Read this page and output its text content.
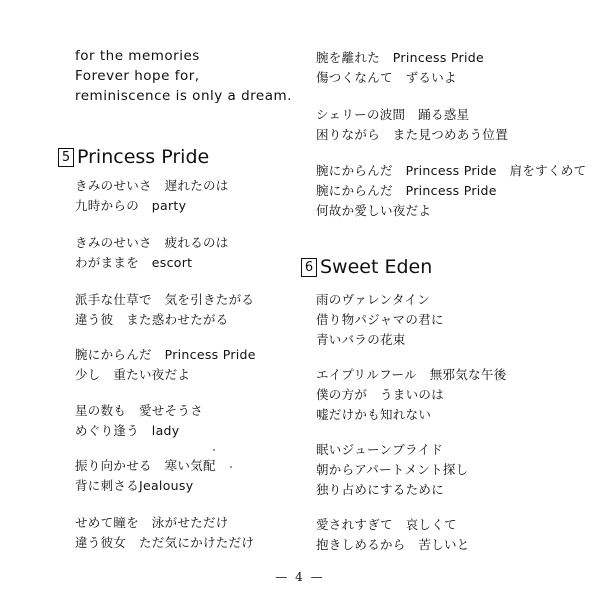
for the memories
Forever hope for,
reminiscence is only a dream.
5 Princess Pride
きみのせいさ　遅れたのは
九時からの　party
きみのせいさ　疲れるのは
わがままを　escort
派手な仕草で　気を引きたがる
違う彼　また惑わせたがる
腕にからんだ　Princess Pride
少し　重たい夜だよ
星の数も　愛せそうさ
めぐり逢う　lady
振り向かせる　寒い気配
背に刺さるJealousy
せめて瞳を　泳がせただけ
違う彼女　ただ気にかけただけ
腕を離れた　Princess Pride
傷つくなんて　ずるいよ
シェリーの波間　踊る惑星
困りながら　また見つめあう位置
腕にからんだ　Princess Pride　肩をすくめて
腕にからんだ　Princess Pride
何故か愛しい夜だよ
6 Sweet Eden
雨のヴァレンタイン
借り物パジャマの君に
青いバラの花束
エイプリルフール　無邪気な午後
僕の方が　うまいのは
嘘だけかも知れない
眠いジューンブライド
朝からアパートメント探し
独り占めにするために
愛されすぎて　哀しくて
抱きしめるから　苦しいと
— 4 —
